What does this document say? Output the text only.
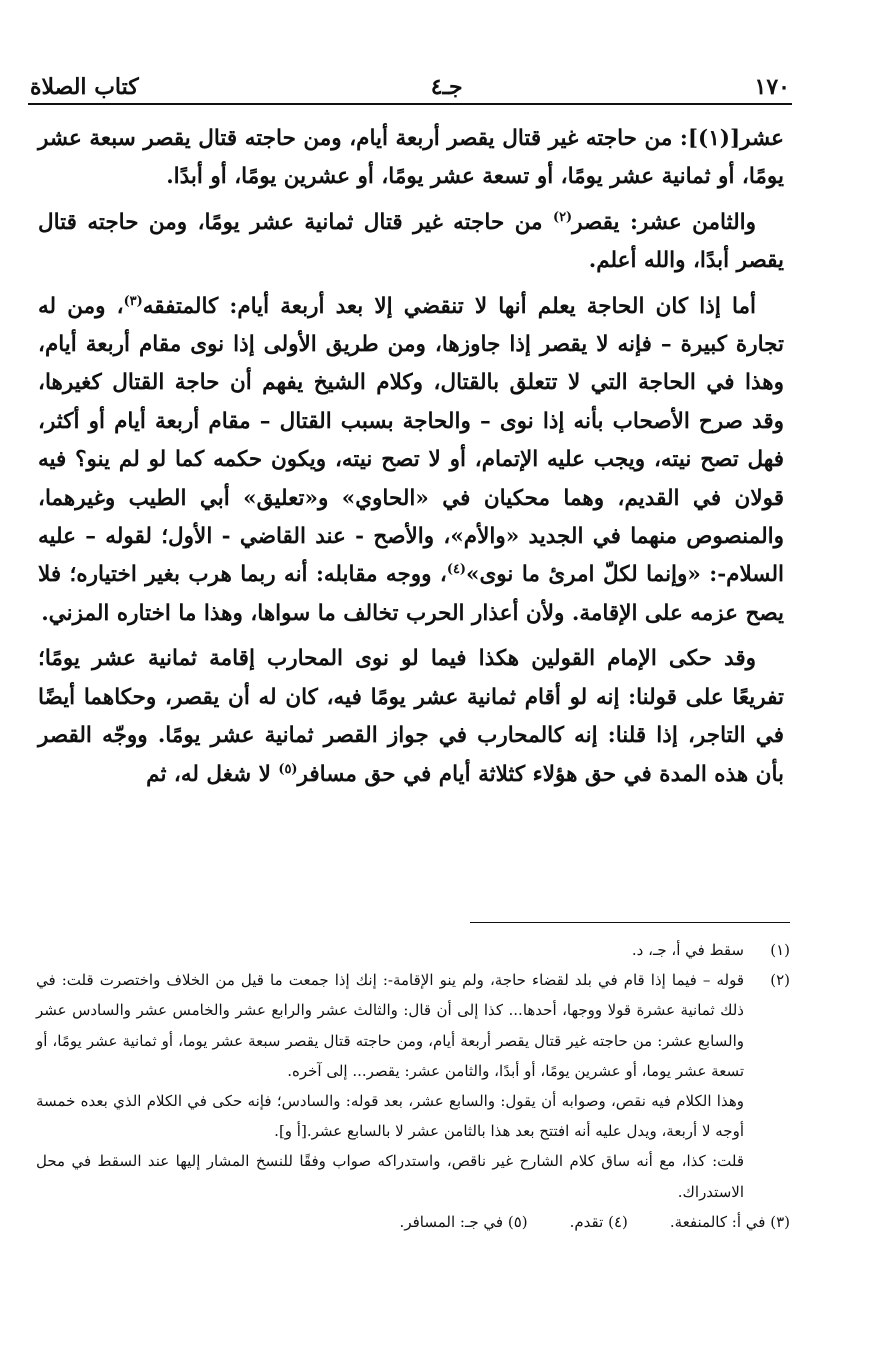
١٧٠
جـ٤
كتاب الصلاة

عشر[(١)]: من حاجته غير قتال يقصر أربعة أيام، ومن حاجته قتال يقصر سبعة عشر يومًا، أو ثمانية عشر يومًا، أو تسعة عشر يومًا، أو عشرين يومًا، أو أبدًا.

والثامن عشر: يقصر$^{(٢)}$ من حاجته غير قتال ثمانية عشر يومًا، ومن حاجته قتال يقصر أبدًا، والله أعلم.

أما إذا كان الحاجة يعلم أنها لا تنقضي إلا بعد أربعة أيام: كالمتفقه$^{(٣)}$، ومن له تجارة كبيرة – فإنه لا يقصر إذا جاوزها، ومن طريق الأولى إذا نوى مقام أربعة أيام، وهذا في الحاجة التي لا تتعلق بالقتال، وكلام الشيخ يفهم أن حاجة القتال كغيرها، وقد صرح الأصحاب بأنه إذا نوى – والحاجة بسبب القتال – مقام أربعة أيام أو أكثر، فهل تصح نيته، ويجب عليه الإتمام، أو لا تصح نيته، ويكون حكمه كما لو لم ينو؟ فيه قولان في القديم، وهما محكيان في «الحاوي» و«تعليق» أبي الطيب وغيرهما، والمنصوص منهما في الجديد «والأم»، والأصح - عند القاضي - الأول؛ لقوله – عليه السلام-: «وإنما لكلّ امرئ ما نوى»$^{(٤)}$، ووجه مقابله: أنه ربما هرب بغير اختياره؛ فلا يصح عزمه على الإقامة. ولأن أعذار الحرب تخالف ما سواها، وهذا ما اختاره المزني.

وقد حكى الإمام القولين هكذا فيما لو نوى المحارب إقامة ثمانية عشر يومًا؛ تفريعًا على قولنا: إنه لو أقام ثمانية عشر يومًا فيه، كان له أن يقصر، وحكاهما أيضًا في التاجر، إذا قلنا: إنه كالمحارب في جواز القصر ثمانية عشر يومًا. ووجّه القصر بأن هذه المدة في حق هؤلاء كثلاثة أيام في حق مسافر$^{(٥)}$ لا شغل له، ثم

(١)
سقط في أ، جـ، د.
(٢)

قوله – فيما إذا قام في بلد لقضاء حاجة، ولم ينو الإقامة-: إنك إذا جمعت ما قيل من الخلاف واختصرت قلت: في ذلك ثمانية عشرة قولا ووجها، أحدها... كذا إلى أن قال: والثالث عشر والرابع عشر والخامس عشر والسادس عشر والسابع عشر: من حاجته غير قتال يقصر أربعة أيام، ومن حاجته قتال يقصر سبعة عشر يوما، أو ثمانية عشر يومًا، أو تسعة عشر يوما، أو عشرين يومًا، أو أبدًا، والثامن عشر: يقصر... إلى آخره.

وهذا الكلام فيه نقص، وصوابه أن يقول: والسابع عشر، بعد قوله: والسادس؛ فإنه حكى في الكلام الذي بعده خمسة أوجه لا أربعة، ويدل عليه أنه افتتح بعد هذا بالثامن عشر لا بالسابع عشر.[أ و].

قلت: كذا، مع أنه ساق كلام الشارح غير ناقص، واستدراكه صواب وفقًا للنسخ المشار إليها عند السقط في محل الاستدراك.

(٣) في أ: كالمنفعة.
(٤) تقدم.
(٥) في جـ: المسافر.
